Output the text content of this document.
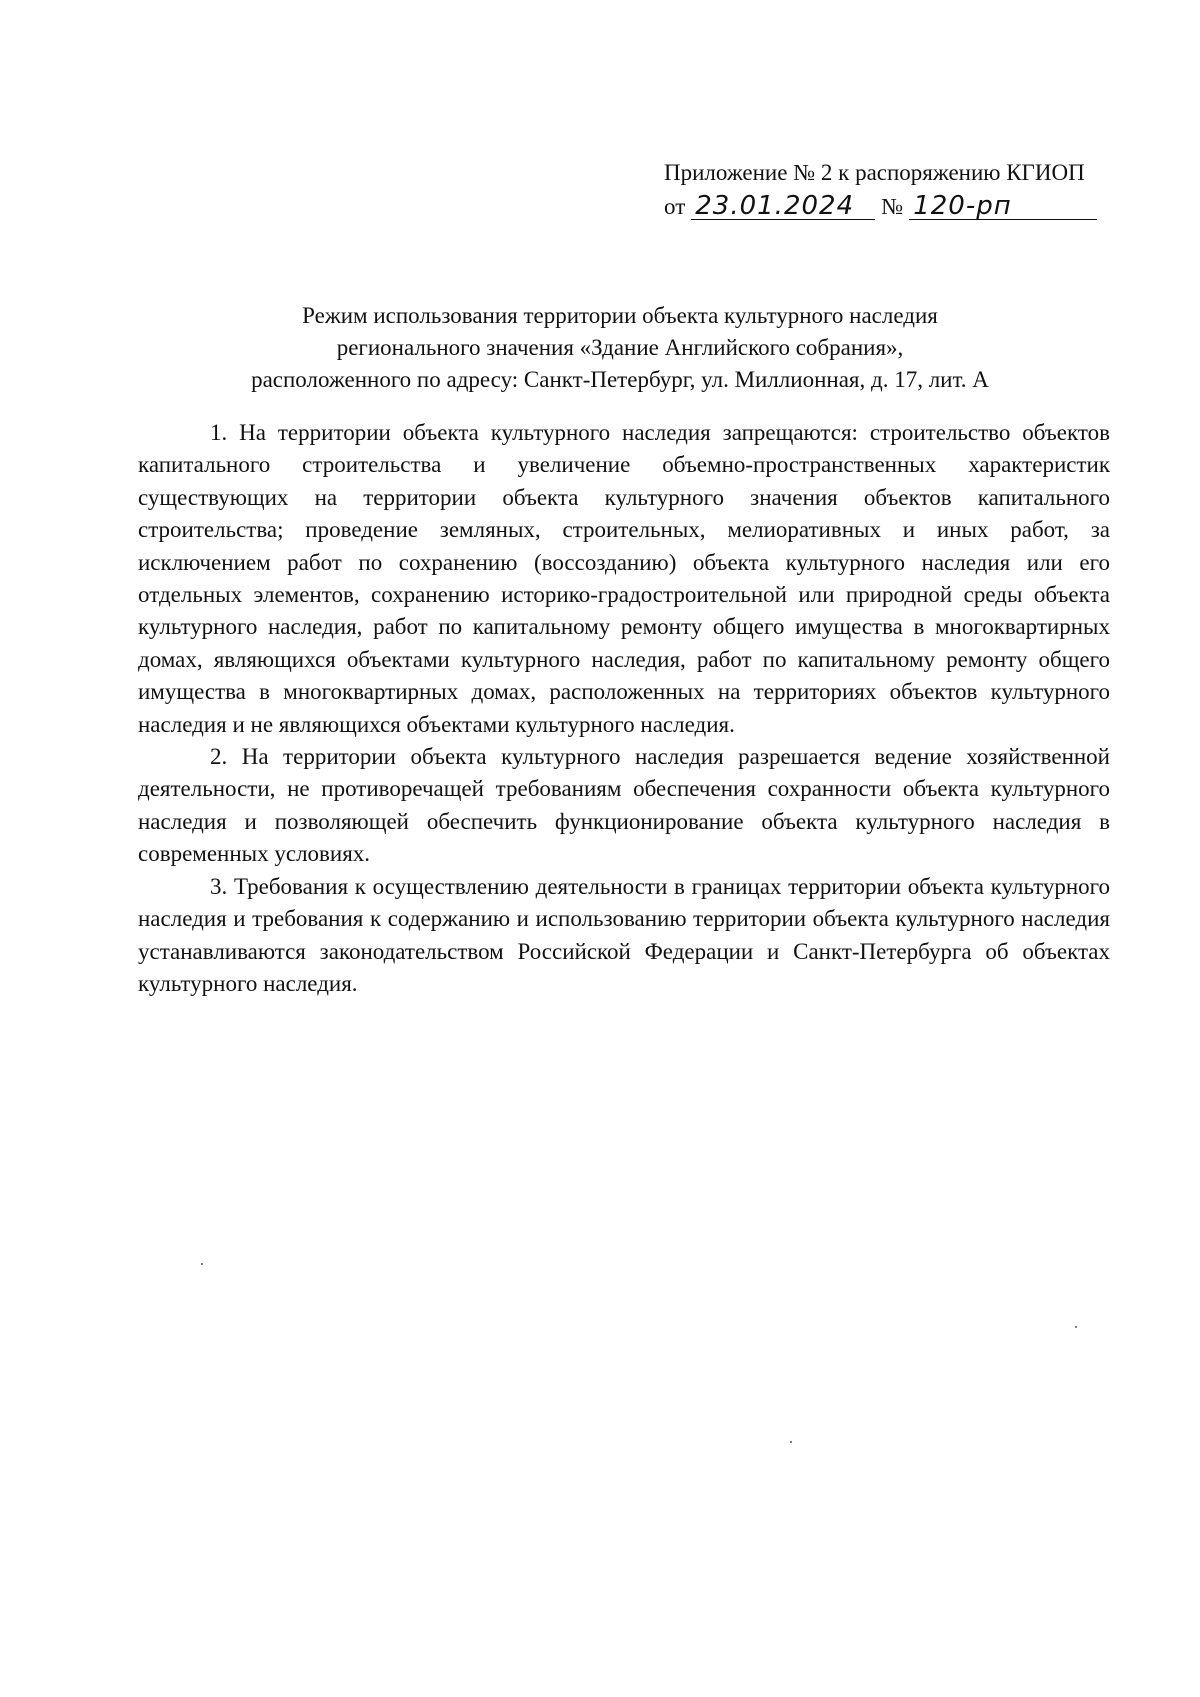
Приложение № 2 к распоряжению КГИОП
от 23.01.2024	№ 120-рп
Режим использования территории объекта культурного наследия
регионального значения «Здание Английского собрания»,
расположенного по адресу: Санкт-Петербург, ул. Миллионная, д. 17, лит. А

1. На территории объекта культурного наследия запрещаются: строительство объектов капитального строительства и увеличение объемно-пространственных характеристик существующих на территории объекта культурного значения объектов капитального строительства; проведение земляных, строительных, мелиоративных и иных работ, за исключением работ по сохранению (воссозданию) объекта культурного наследия или его отдельных элементов, сохранению историко-градостроительной или природной среды объекта культурного наследия, работ по капитальному ремонту общего имущества в многоквартирных домах, являющихся объектами культурного наследия, работ по капитальному ремонту общего имущества в многоквартирных домах, расположенных на территориях объектов культурного наследия и не являющихся объектами культурного наследия.

2. На территории объекта культурного наследия разрешается ведение хозяйственной деятельности, не противоречащей требованиям обеспечения сохранности объекта культурного наследия и позволяющей обеспечить функционирование объекта культурного наследия в современных условиях.

3. Требования к осуществлению деятельности в границах территории объекта культурного наследия и требования к содержанию и использованию территории объекта культурного наследия устанавливаются законодательством Российской Федерации и Санкт-Петербурга об объектах культурного наследия.
